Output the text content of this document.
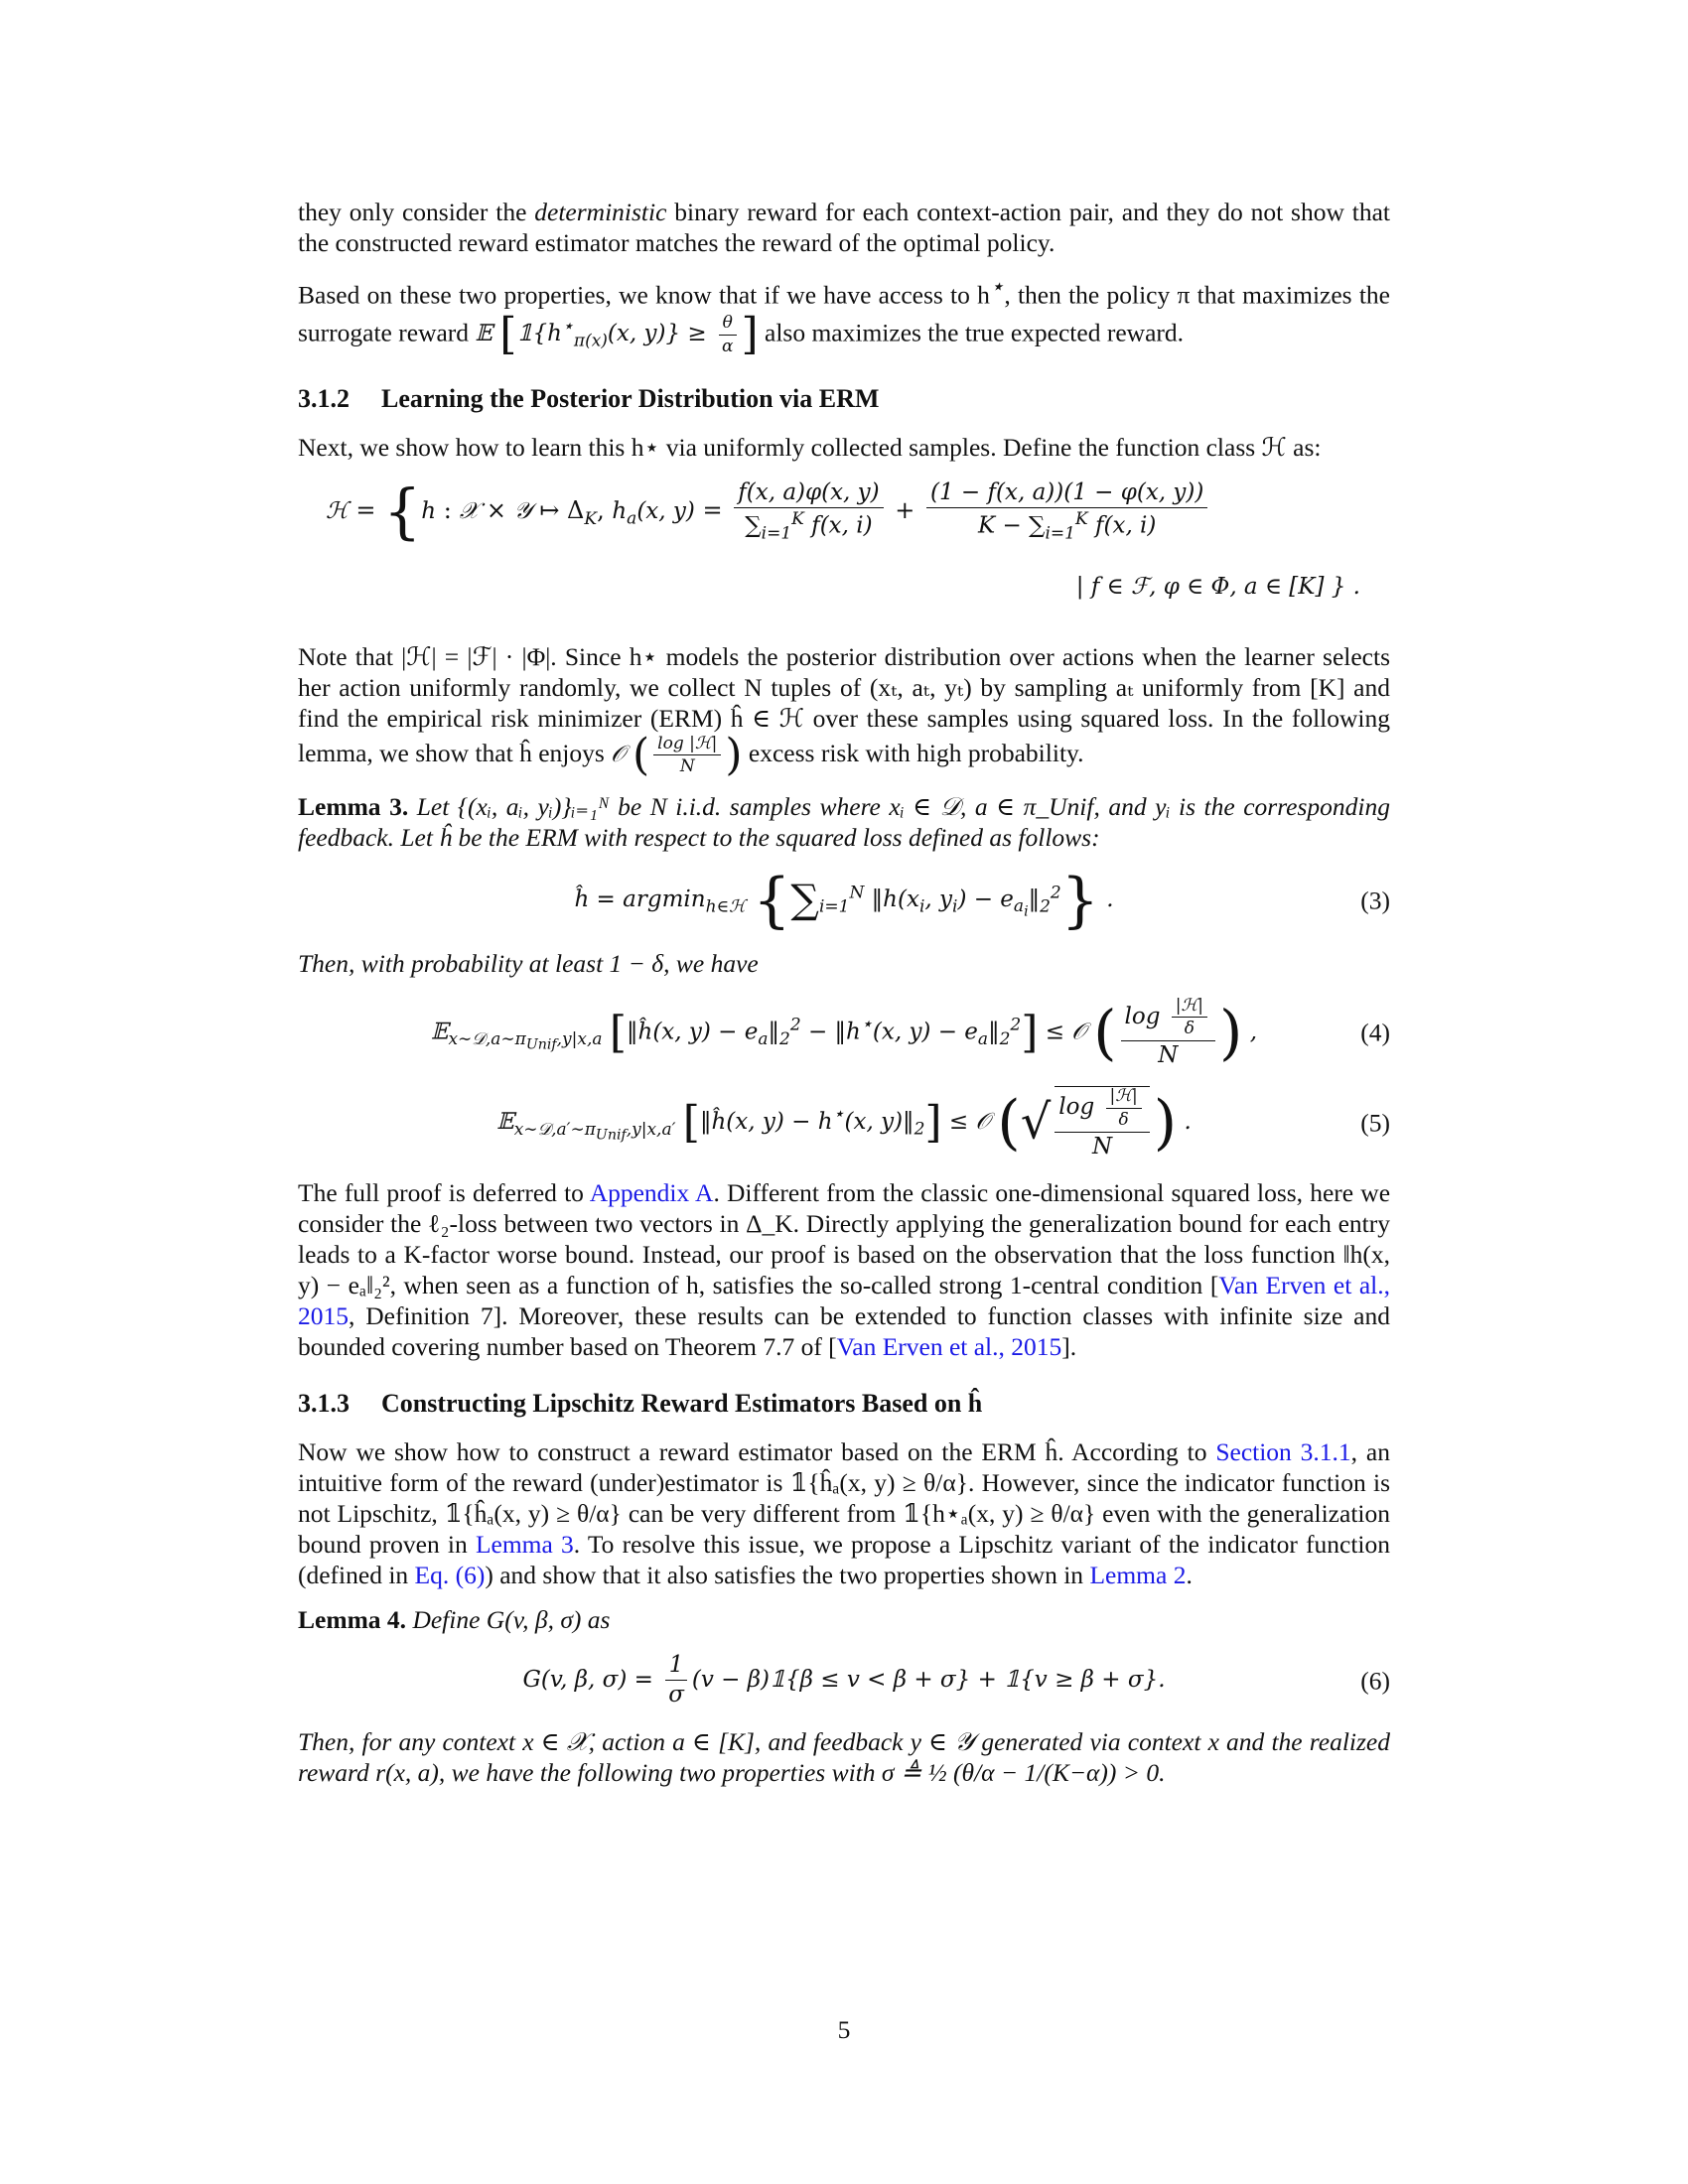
they only consider the deterministic binary reward for each context-action pair, and they do not show that the constructed reward estimator matches the reward of the optimal policy.

Based on these two properties, we know that if we have access to h⋆, then the policy π that maximizes the surrogate reward 𝔼 [$𝟙\{h^⋆_{\pi(x)}(x$, $y)\} \ge \frac{\theta}{\alpha}$ ] also maximizes the true expected reward.

3.1.2 Learning the Posterior Distribution via ERM

Next, we show how to learn this h⋆ via uniformly collected samples. Define the function class ℋ as:

ℋ = {h : 𝒳 × 𝒴 ↦ $\Delta_K$, $h_a(x$, $y) = \frac{f(x, a)\varphi(x, y)}{\sum_{i=1}^K f(x, i)} + \frac{(1 - f(x, a))(1 - \varphi(x, y))}{K - \sum_{i=1}^K f(x, i)}$
| f ∈ ℱ, φ ∈ Φ, a ∈ [K] } .

Note that |ℋ| = |ℱ| · |Φ|. Since h⋆ models the posterior distribution over actions when the learner selects her action uniformly randomly, we collect N tuples of (xₜ, aₜ, yₜ) by sampling aₜ uniformly from [K] and find the empirical risk minimizer (ERM) ĥ ∈ ℋ over these samples using squared loss. In the following lemma, we show that ĥ enjoys 𝒪 ( $\frac{\text{log |ℋ|}}{N}$ ) excess risk with high probability.

Lemma 3. Let {(xᵢ, aᵢ, yᵢ)}ᵢ₌₁ᴺ be N i.i.d. samples where xᵢ ∈ 𝒟, a ∈ π_Unif, and yᵢ is the corresponding feedback. Let ĥ be the ERM with respect to the squared loss defined as follows:

ĥ = argmin$_{h\in ℋ}$ {$\sum_{i=1}^N$ $‖h(x_i$, $y_i$) − $e_{a_i}‖_2^2$} .	(3)

Then, with probability at least 1 − δ, we have

𝔼$_{x\sim 𝒟,a\sim\pi_{Unif},y|x,a}$ [‖ĥ(x, $y) - e_a‖_2^2$ − ‖h⋆(x, $y) - e_a‖_2^2$] ≤ 𝒪 ( $\frac{\log \frac{\text{|ℋ|}}{\delta}}{N}$ ) ,	(4)
𝔼$_{x\sim 𝒟,a'\sim\pi_{Unif},y|x,a'}$ [‖ĥ(x, y) − h⋆(x, $y)‖_2$] ≤ 𝒪 (√ $\frac{\log \frac{\text{|ℋ|}}{\delta}}{N}$ ) .	(5)

The full proof is deferred to Appendix A. Different from the classic one-dimensional squared loss, here we consider the ℓ₂-loss between two vectors in Δ_K. Directly applying the generalization bound for each entry leads to a K-factor worse bound. Instead, our proof is based on the observation that the loss function ‖h(x, y) − eₐ‖₂², when seen as a function of h, satisfies the so-called strong 1-central condition [Van Erven et al., 2015, Definition 7]. Moreover, these results can be extended to function classes with infinite size and bounded covering number based on Theorem 7.7 of [Van Erven et al., 2015].

3.1.3 Constructing Lipschitz Reward Estimators Based on ĥ

Now we show how to construct a reward estimator based on the ERM ĥ. According to Section 3.1.1, an intuitive form of the reward (under)estimator is 𝟙{ĥₐ(x, y) ≥ θ/α}. However, since the indicator function is not Lipschitz, 𝟙{ĥₐ(x, y) ≥ θ/α} can be very different from 𝟙{h⋆ₐ(x, y) ≥ θ/α} even with the generalization bound proven in Lemma 3. To resolve this issue, we propose a Lipschitz variant of the indicator function (defined in Eq. (6)) and show that it also satisfies the two properties shown in Lemma 2.

Lemma 4. Define G(v, β, σ) as

G(v, β, $\sigma) = \frac{1}{\sigma} (v$ − β)𝟙{β ≤ v < β + σ} + 𝟙{v ≥ β + σ}.	(6)

Then, for any context x ∈ 𝒳, action a ∈ [K], and feedback y ∈ 𝒴 generated via context x and the realized reward r(x, a), we have the following two properties with σ ≜ ½ (θ/α − 1/(K−α)) > 0.

5
